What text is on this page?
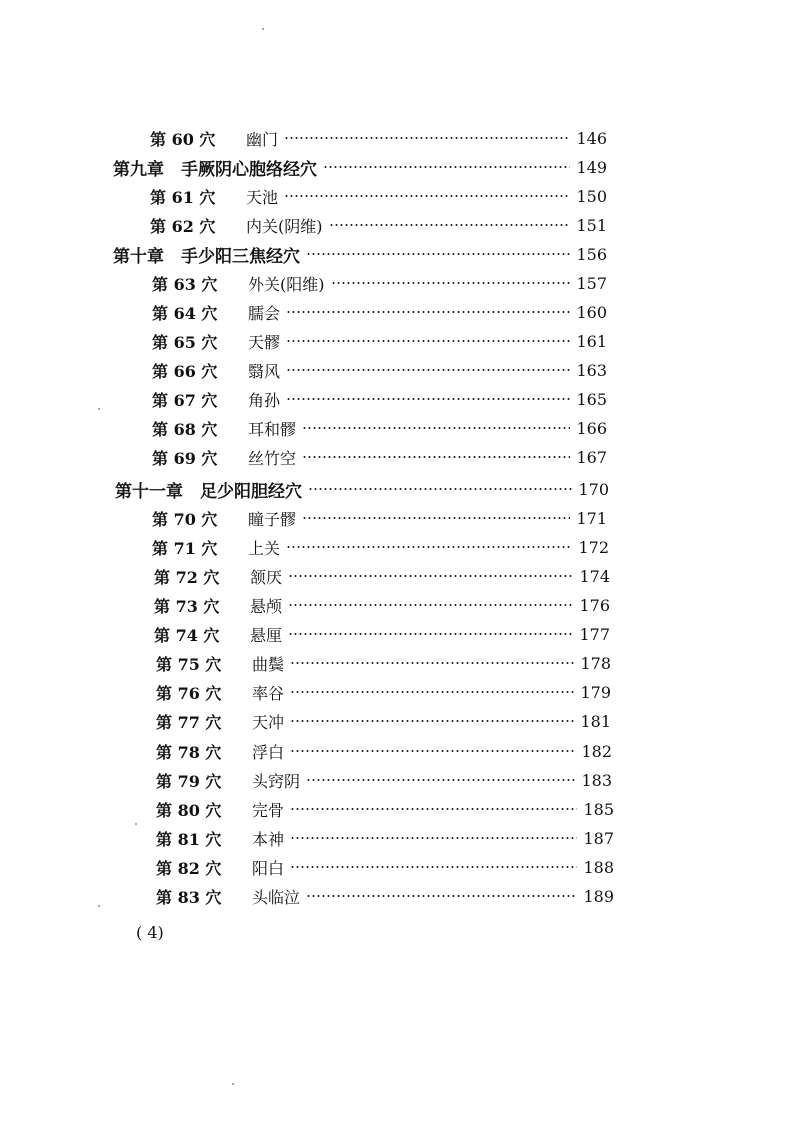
第 60 穴	幽门	146
第九章　手厥阴心胞络经穴	149
第 61 穴	天池	150
第 62 穴	内关(阴维)	151
第十章　手少阳三焦经穴	156
第 63 穴	外关(阳维)	157
第 64 穴	臑会	160
第 65 穴	天髎	161
第 66 穴	翳风	163
第 67 穴	角孙	165
第 68 穴	耳和髎	166
第 69 穴	丝竹空	167
第十一章　足少阳胆经穴	170
第 70 穴	瞳子髎	171
第 71 穴	上关	172
第 72 穴	颔厌	174
第 73 穴	悬颅	176
第 74 穴	悬厘	177
第 75 穴	曲鬓	178
第 76 穴	率谷	179
第 77 穴	天冲	181
第 78 穴	浮白	182
第 79 穴	头窍阴	183
第 80 穴	完骨	185
第 81 穴	本神	187
第 82 穴	阳白	188
第 83 穴	头临泣	189
( 4)
